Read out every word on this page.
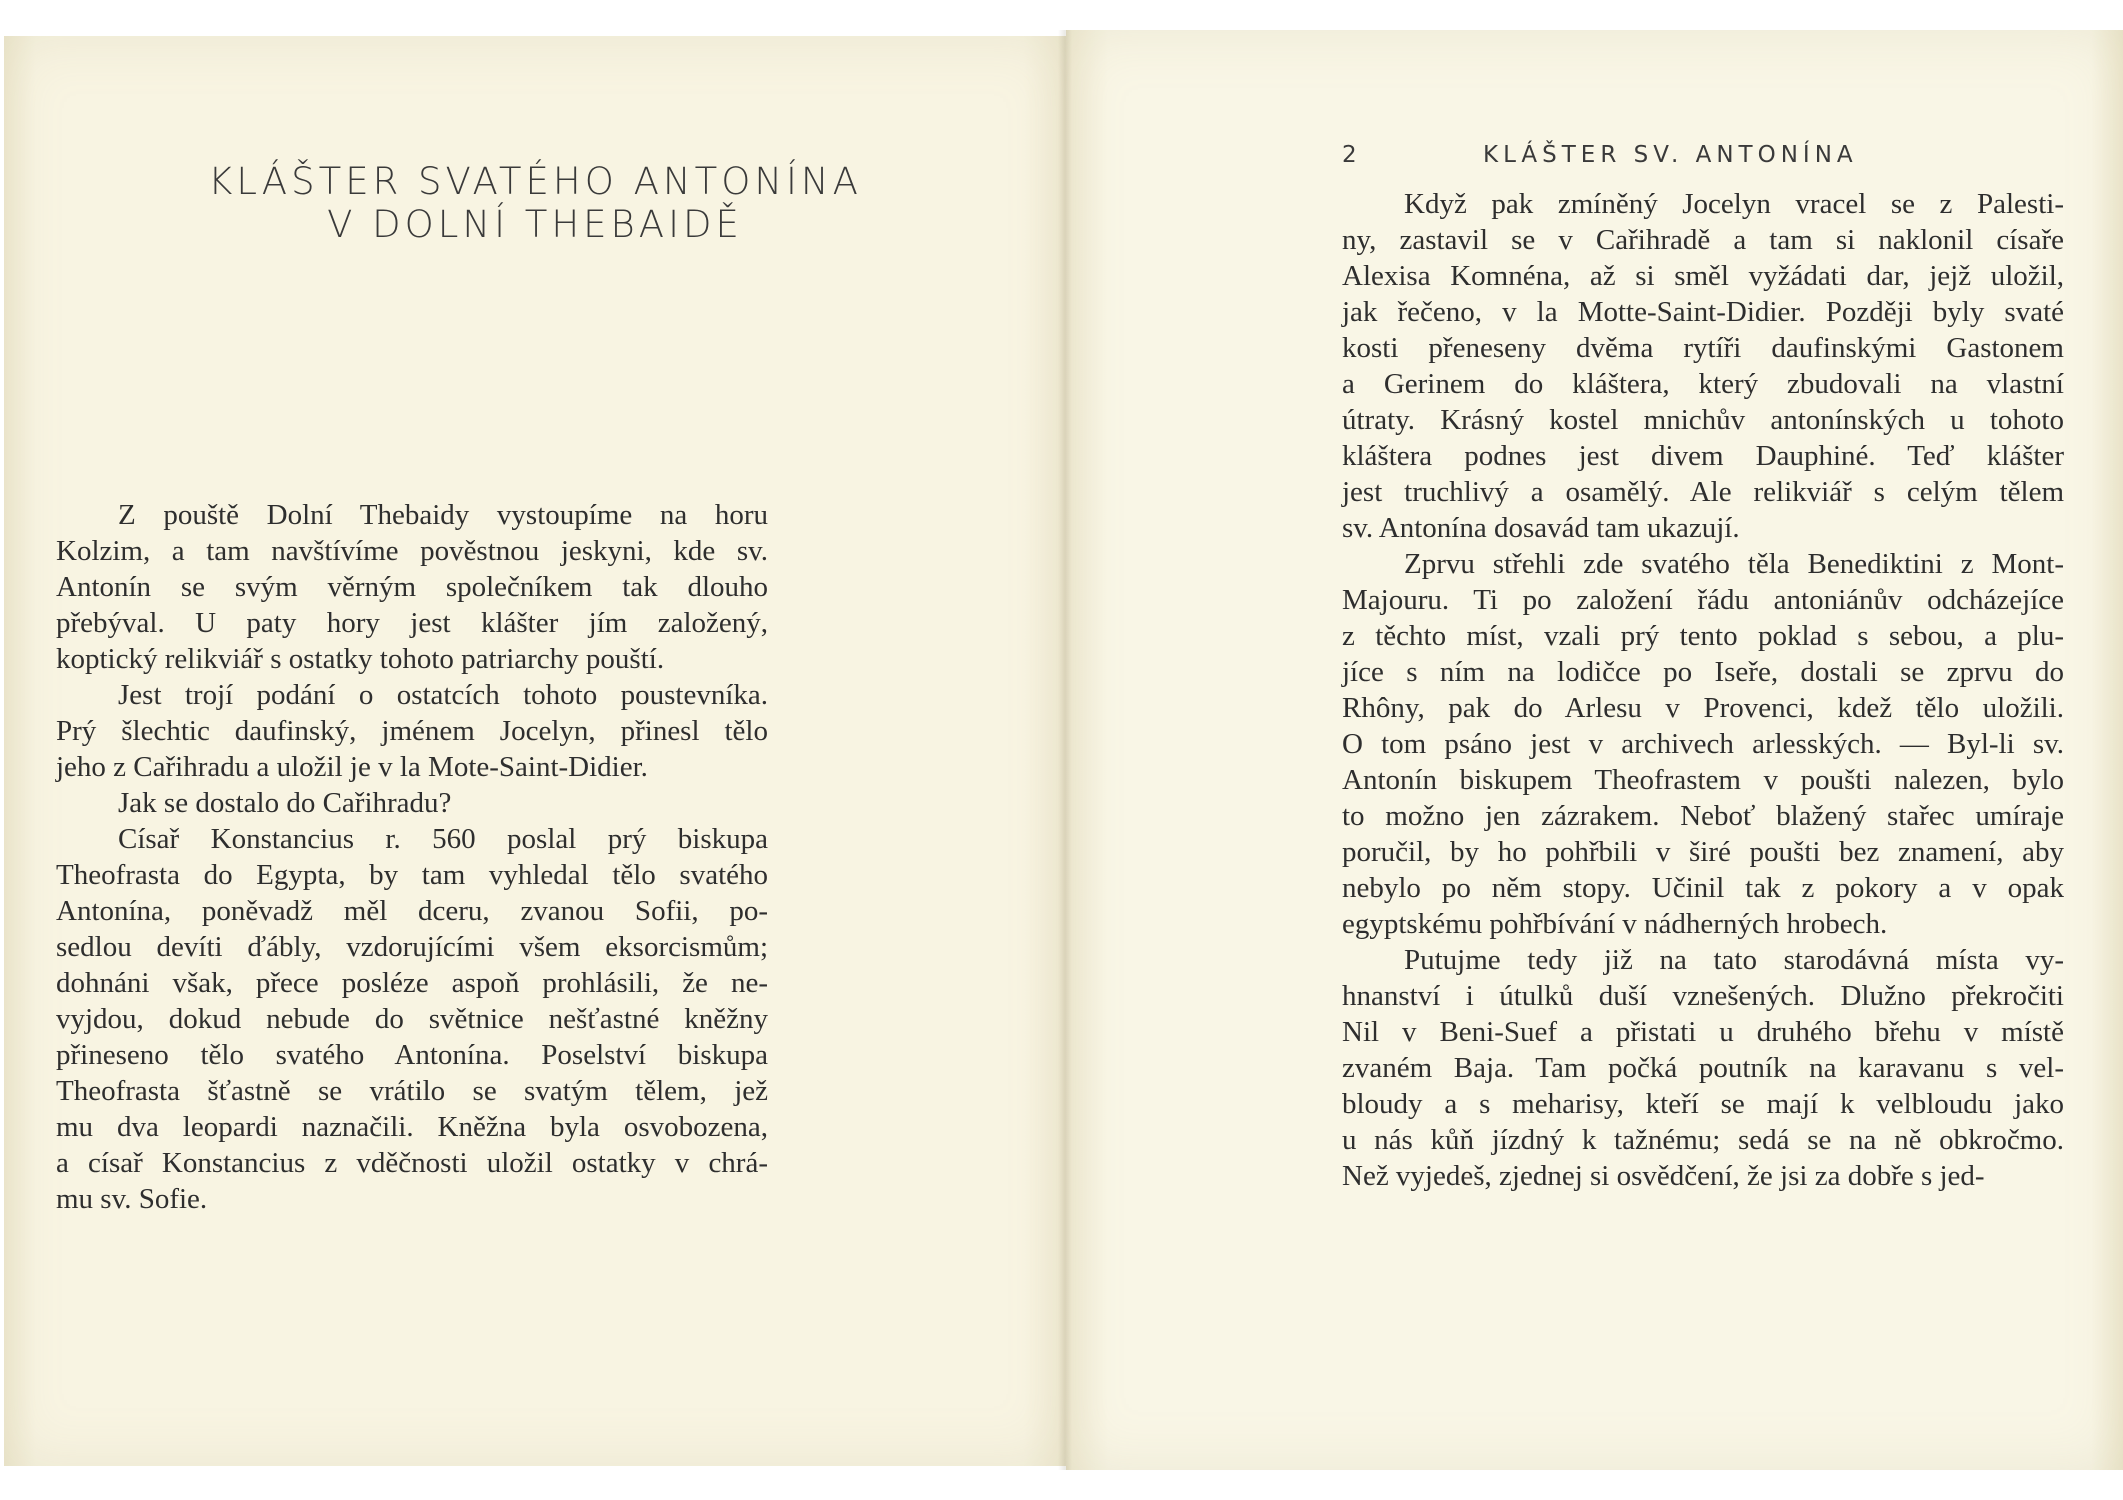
KLÁŠTER SVATÉHO ANTONÍNA
V DOLNÍ THEBAIDĚ
2	KLÁŠTER SV. ANTONÍNA

Z pouště Dolní Thebaidy vystoupíme na horu
Kolzim, a tam navštívíme pověstnou jeskyni, kde sv.
Antonín se svým věrným společníkem tak dlouho
přebýval. U paty hory jest klášter jím založený,
koptický relikviář s ostatky tohoto patriarchy pouští.

Jest trojí podání o ostatcích tohoto poustevníka.
Prý šlechtic daufinský, jménem Jocelyn, přinesl tělo
jeho z Cařihradu a uložil je v la Mote-Saint-Didier.

Jak se dostalo do Cařihradu?

Císař Konstancius r. 560 poslal prý biskupa
Theofrasta do Egypta, by tam vyhledal tělo svatého
Antonína, poněvadž měl dceru, zvanou Sofii, po-
sedlou devíti ďábly, vzdorujícími všem eksorcismům;
dohnáni však, přece posléze aspoň prohlásili, že ne-
vyjdou, dokud nebude do světnice nešťastné kněžny
přineseno tělo svatého Antonína. Poselství biskupa
Theofrasta šťastně se vrátilo se svatým tělem, jež
mu dva leopardi naznačili. Kněžna byla osvobozena,
a císař Konstancius z vděčnosti uložil ostatky v chrá-
mu sv. Sofie.

Když pak zmíněný Jocelyn vracel se z Palesti-
ny, zastavil se v Cařihradě a tam si naklonil císaře
Alexisa Komnéna, až si směl vyžádati dar, jejž uložil,
jak řečeno, v la Motte-Saint-Didier. Později byly svaté
kosti přeneseny dvěma rytíři daufinskými Gastonem
a Gerinem do kláštera, který zbudovali na vlastní
útraty. Krásný kostel mnichův antonínských u tohoto
kláštera podnes jest divem Dauphiné. Teď klášter
jest truchlivý a osamělý. Ale relikviář s celým tělem
sv. Antonína dosavád tam ukazují.

Zprvu střehli zde svatého těla Benediktini z Mont-
Majouru. Ti po založení řádu antoniánův odcházejíce
z těchto míst, vzali prý tento poklad s sebou, a plu-
jíce s ním na lodičce po Iseře, dostali se zprvu do
Rhôny, pak do Arlesu v Provenci, kdež tělo uložili.
O tom psáno jest v archivech arlesských. — Byl-li sv.
Antonín biskupem Theofrastem v poušti nalezen, bylo
to možno jen zázrakem. Neboť blažený stařec umíraje
poručil, by ho pohřbili v širé poušti bez znamení, aby
nebylo po něm stopy. Učinil tak z pokory a v opak
egyptskému pohřbívání v nádherných hrobech.

Putujme tedy již na tato starodávná místa vy-
hnanství i útulků duší vznešených. Dlužno překročiti
Nil v Beni-Suef a přistati u druhého břehu v místě
zvaném Baja. Tam počká poutník na karavanu s vel-
bloudy a s meharisy, kteří se mají k velbloudu jako
u nás kůň jízdný k tažnému; sedá se na ně obkročmo.
Než vyjedeš, zjednej si osvědčení, že jsi za dobře s jed-
